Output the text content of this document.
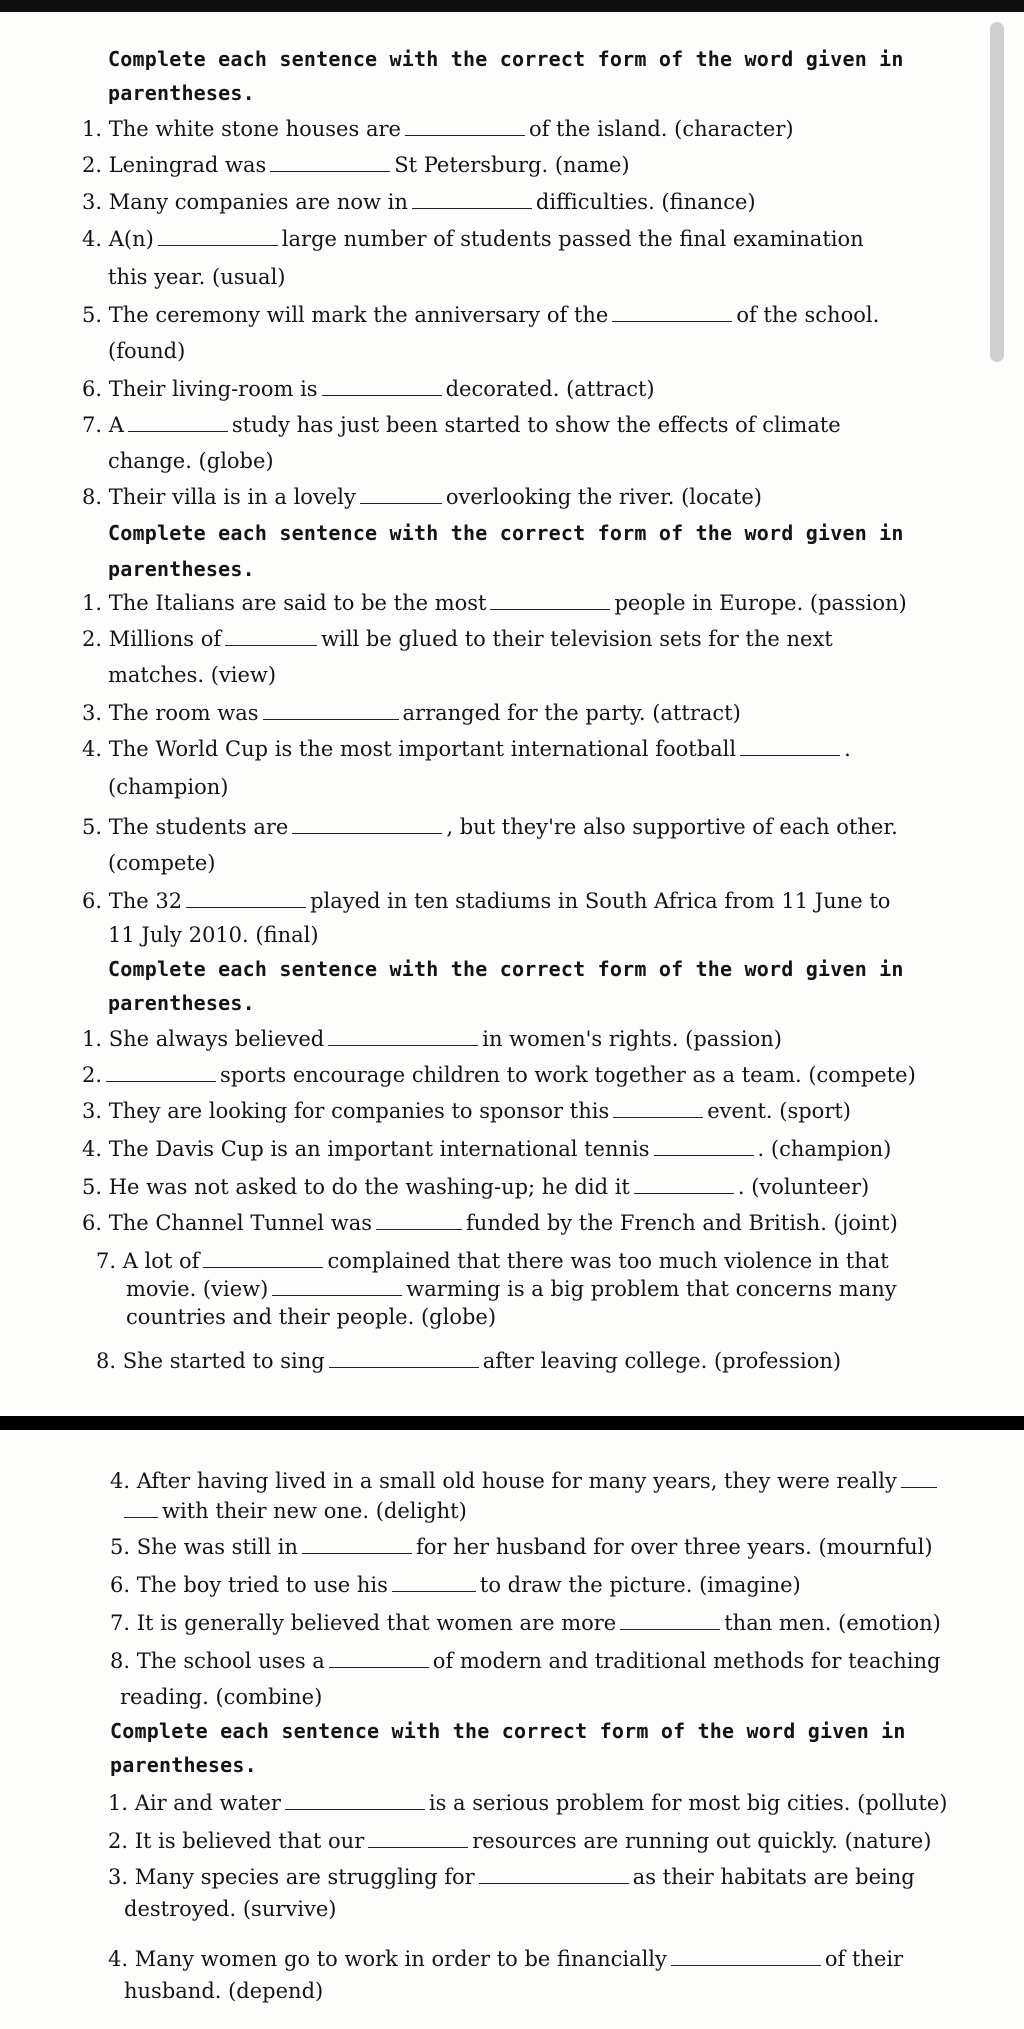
Complete each sentence with the correct form of the word given in
parentheses.
1. The white stone houses are	of the island. (character)
2. Leningrad was	St Petersburg. (name)
3. Many companies are now in	difficulties. (finance)
4. A(n)	large number of students passed the final examination
this year. (usual)
5. The ceremony will mark the anniversary of the	of the school.
(found)
6. Their living-room is	decorated. (attract)
7. A	study has just been started to show the effects of climate
change. (globe)
8. Their villa is in a lovely	overlooking the river. (locate)
Complete each sentence with the correct form of the word given in
parentheses.
1. The Italians are said to be the most	people in Europe. (passion)
2. Millions of	will be glued to their television sets for the next
matches. (view)
3. The room was	arranged for the party. (attract)
4. The World Cup is the most important international football	.
(champion)
5. The students are	, but they're also supportive of each other.
(compete)
6. The 32	played in ten stadiums in South Africa from 11 June to
11 July 2010. (final)
Complete each sentence with the correct form of the word given in
parentheses.
1. She always believed	in women's rights. (passion)
2.	sports encourage children to work together as a team. (compete)
3. They are looking for companies to sponsor this	event. (sport)
4. The Davis Cup is an important international tennis	. (champion)
5. He was not asked to do the washing-up; he did it	. (volunteer)
6. The Channel Tunnel was	funded by the French and British. (joint)
7. A lot of	complained that there was too much violence in that
movie. (view)	warming is a big problem that concerns many
countries and their people. (globe)
8. She started to sing	after leaving college. (profession)
4. After having lived in a small old house for many years, they were really
with their new one. (delight)
5. She was still in	for her husband for over three years. (mournful)
6. The boy tried to use his	to draw the picture. (imagine)
7. It is generally believed that women are more	than men. (emotion)
8. The school uses a	of modern and traditional methods for teaching
reading. (combine)
Complete each sentence with the correct form of the word given in
parentheses.
1. Air and water	is a serious problem for most big cities. (pollute)
2. It is believed that our	resources are running out quickly. (nature)
3. Many species are struggling for	as their habitats are being
destroyed. (survive)
4. Many women go to work in order to be financially	of their
husband. (depend)
